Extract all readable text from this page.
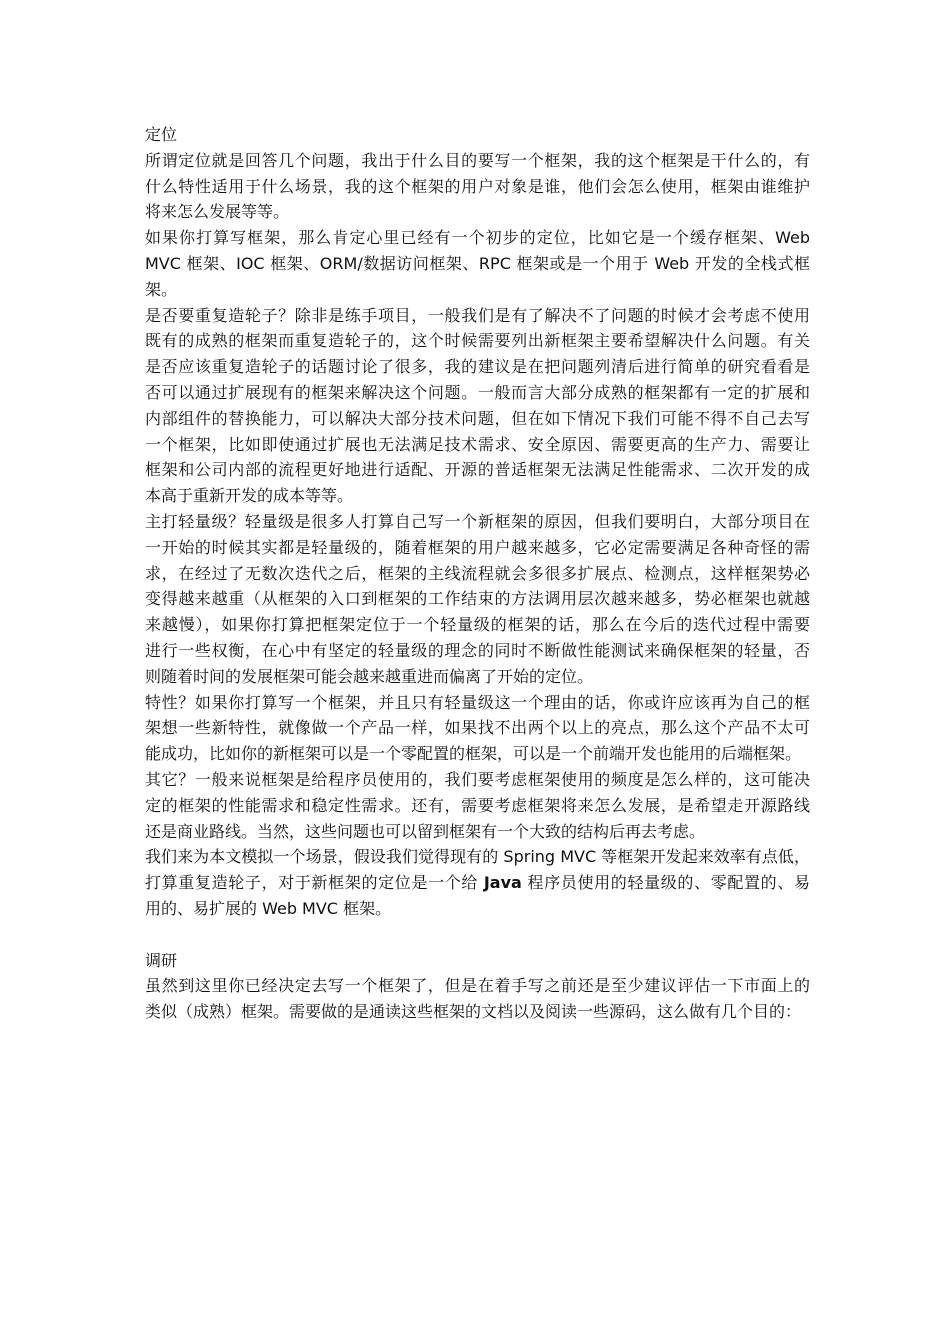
定位
所谓定位就是回答几个问题，我出于什么目的要写一个框架，我的这个框架是干什么的，有
什么特性适用于什么场景，我的这个框架的用户对象是谁，他们会怎么使用，框架由谁维护
将来怎么发展等等。
如果你打算写框架，那么肯定心里已经有一个初步的定位，比如它是一个缓存框架、Web
MVC 框架、IOC 框架、ORM/数据访问框架、RPC 框架或是一个用于 Web 开发的全栈式框
架。
是否要重复造轮子？除非是练手项目，一般我们是有了解决不了问题的时候才会考虑不使用
既有的成熟的框架而重复造轮子的，这个时候需要列出新框架主要希望解决什么问题。有关
是否应该重复造轮子的话题讨论了很多，我的建议是在把问题列清后进行简单的研究看看是
否可以通过扩展现有的框架来解决这个问题。一般而言大部分成熟的框架都有一定的扩展和
内部组件的替换能力，可以解决大部分技术问题，但在如下情况下我们可能不得不自己去写
一个框架，比如即使通过扩展也无法满足技术需求、安全原因、需要更高的生产力、需要让
框架和公司内部的流程更好地进行适配、开源的普适框架无法满足性能需求、二次开发的成
本高于重新开发的成本等等。
主打轻量级？轻量级是很多人打算自己写一个新框架的原因，但我们要明白，大部分项目在
一开始的时候其实都是轻量级的，随着框架的用户越来越多，它必定需要满足各种奇怪的需
求，在经过了无数次迭代之后，框架的主线流程就会多很多扩展点、检测点，这样框架势必
变得越来越重（从框架的入口到框架的工作结束的方法调用层次越来越多，势必框架也就越
来越慢），如果你打算把框架定位于一个轻量级的框架的话，那么在今后的迭代过程中需要
进行一些权衡，在心中有坚定的轻量级的理念的同时不断做性能测试来确保框架的轻量，否
则随着时间的发展框架可能会越来越重进而偏离了开始的定位。
特性？如果你打算写一个框架，并且只有轻量级这一个理由的话，你或许应该再为自己的框
架想一些新特性，就像做一个产品一样，如果找不出两个以上的亮点，那么这个产品不太可
能成功，比如你的新框架可以是一个零配置的框架，可以是一个前端开发也能用的后端框架。
其它？一般来说框架是给程序员使用的，我们要考虑框架使用的频度是怎么样的，这可能决
定的框架的性能需求和稳定性需求。还有，需要考虑框架将来怎么发展，是希望走开源路线
还是商业路线。当然，这些问题也可以留到框架有一个大致的结构后再去考虑。
我们来为本文模拟一个场景，假设我们觉得现有的 Spring MVC 等框架开发起来效率有点低，
打算重复造轮子，对于新框架的定位是一个给 Java 程序员使用的轻量级的、零配置的、易
用的、易扩展的 Web MVC 框架。
调研
虽然到这里你已经决定去写一个框架了，但是在着手写之前还是至少建议评估一下市面上的
类似（成熟）框架。需要做的是通读这些框架的文档以及阅读一些源码，这么做有几个目的：
